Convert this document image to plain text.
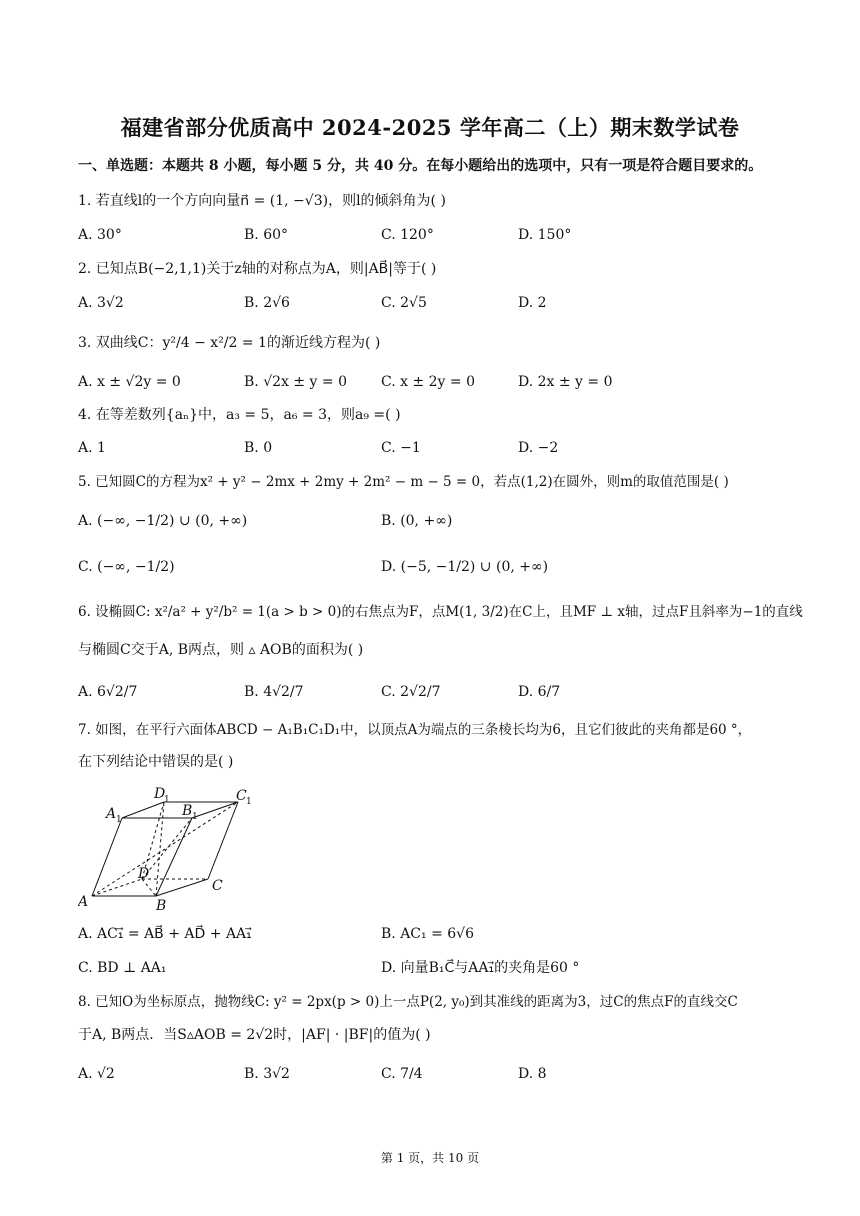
福建省部分优质高中 2024-2025 学年高二（上）期末数学试卷
一、单选题：本题共 8 小题，每小题 5 分，共 40 分。在每小题给出的选项中，只有一项是符合题目要求的。
1. 若直线l的一个方向向量n⃗ = (1, −√3)，则l的倾斜角为( )
A. 30°	B. 60°	C. 120°	D. 150°
2. 已知点B(−2,1,1)关于z轴的对称点为A，则|AB⃗|等于( )
A. 3√2	B. 2√6	C. 2√5	D. 2
3. 双曲线C：y²/4 − x²/2 = 1的渐近线方程为( )
A. x ± √2y = 0	B. √2x ± y = 0 C. x ± 2y = 0	D. 2x ± y = 0
4. 在等差数列{aₙ}中，a₃ = 5，a₆ = 3，则a₉ =( )
A. 1	B. 0	C. −1	D. −2
5. 已知圆C的方程为x² + y² − 2mx + 2my + 2m² − m − 5 = 0，若点(1,2)在圆外，则m的取值范围是( )
A. (−∞, −1/2) ∪ (0, +∞)	B. (0, +∞)
C. (−∞, −1/2)	D. (−5, −1/2) ∪ (0, +∞)
6. 设椭圆C: x²/a² + y²/b² = 1(a > b > 0)的右焦点为F，点M(1, 3/2)在C上，且MF ⊥ x轴，过点F且斜率为−1的直线
与椭圆C交于A, B两点，则 ▵ AOB的面积为( )
A. 6√2/7	B. 4√2/7	C. 2√2/7	D. 6/7
7. 如图，在平行六面体ABCD − A₁B₁C₁D₁中，以顶点A为端点的三条棱长均为6，且它们彼此的夹角都是60 °，
在下列结论中错误的是( )
A	B
C
D
A 1
B 1
C 1
D
1
A. AC₁⃗ = AB⃗ + AD⃗ + AA₁⃗	B. AC₁ = 6√6
C. BD ⊥ AA₁	D. 向量B₁C⃗与AA₁⃗的夹角是60 °
8. 已知O为坐标原点，抛物线C: y² = 2px(p > 0)上一点P(2, y₀)到其准线的距离为3，过C的焦点F的直线交C
于A, B两点．当S▵AOB = 2√2时，|AF| · |BF|的值为( )
A. √2	B. 3√2	C. 7/4	D. 8
第 1 页，共 10 页
